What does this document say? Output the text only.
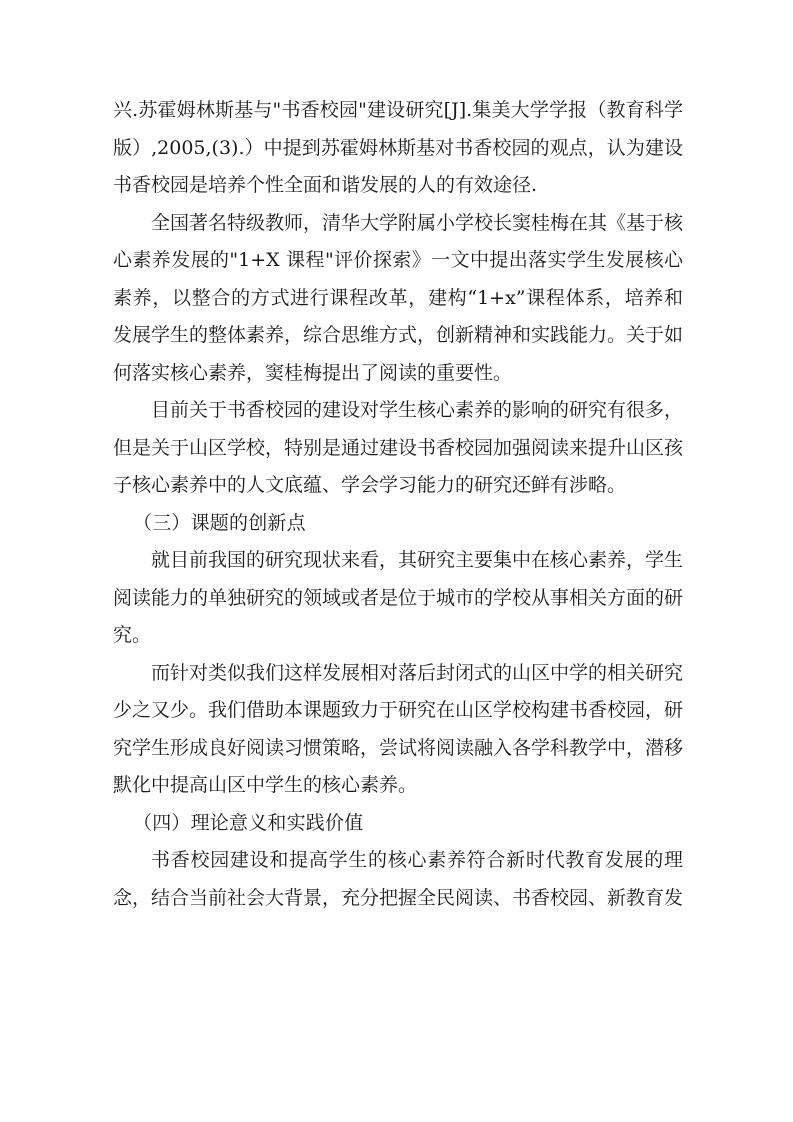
兴.苏霍姆林斯基与"书香校园"建设研究[J].集美大学学报（教育科学版）,2005,(3).）中提到苏霍姆林斯基对书香校园的观点，认为建设书香校园是培养个性全面和谐发展的人的有效途径.

全国著名特级教师，清华大学附属小学校长窦桂梅在其《基于核心素养发展的"1+X 课程"评价探索》一文中提出落实学生发展核心素养，以整合的方式进行课程改革，建构“1+x”课程体系，培养和发展学生的整体素养，综合思维方式，创新精神和实践能力。关于如何落实核心素养，窦桂梅提出了阅读的重要性。

目前关于书香校园的建设对学生核心素养的影响的研究有很多，但是关于山区学校，特别是通过建设书香校园加强阅读来提升山区孩子核心素养中的人文底蕴、学会学习能力的研究还鲜有涉略。

（三）课题的创新点

就目前我国的研究现状来看，其研究主要集中在核心素养，学生阅读能力的单独研究的领域或者是位于城市的学校从事相关方面的研究。

而针对类似我们这样发展相对落后封闭式的山区中学的相关研究少之又少。我们借助本课题致力于研究在山区学校构建书香校园，研究学生形成良好阅读习惯策略，尝试将阅读融入各学科教学中，潜移默化中提高山区中学生的核心素养。

（四）理论意义和实践价值

书香校园建设和提高学生的核心素养符合新时代教育发展的理念，结合当前社会大背景，充分把握全民阅读、书香校园、新教育发
